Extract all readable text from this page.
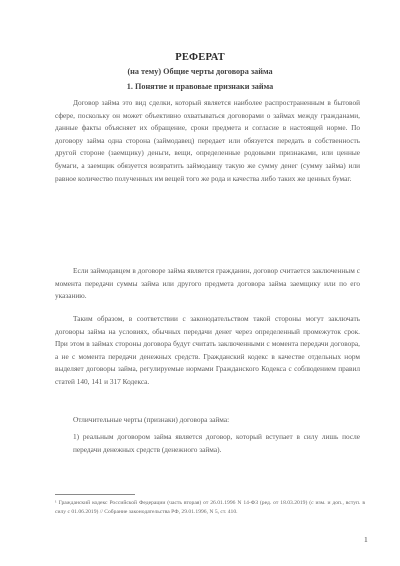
РЕФЕРАТ
(на тему) Общие черты договора займа
1. Понятие и правовые признаки займа

Договор займа это вид сделки, который является наиболее распространенным в бытовой сфере, поскольку он может объективно охватываться договорами о займах между гражданами, данные факты объясняет их обращение, сроки предмета и согласие в настоящей норме. По договору займа одна сторона (займодавец) передает или обязуется передать в собственность другой стороне (заемщику) деньги, вещи, определенные родовыми признаками, или ценные бумаги, а заемщик обязуется возвратить займодавцу такую же сумму денег (сумму займа) или равное количество полученных им вещей того же рода и качества либо таких же ценных бумаг.

Если займодавцем в договоре займа является гражданин, договор считается заключенным с момента передачи суммы займа или другого предмета договора займа заемщику или по его указанию.

Таким образом, в соответствии с законодательством такой стороны могут заключать договоры займа на условиях, обычных передачи денег через определенный промежуток срок. При этом в займах стороны договора будут считать заключенными с момента передачи договора, а не с момента передачи денежных средств. Гражданский кодекс в качестве отдельных норм выделяет договоры займа, регулируемые нормами Гражданского Кодекса с соблюдением правил статей 140, 141 и 317 Кодекса.

Отличительные черты (признаки) договора займа:

1) реальным договором займа является договор, который вступает в силу лишь после передачи денежных средств (денежного займа).

¹ Гражданский кодекс Российской Федерации (часть вторая) от 26.01.1996 N 14-ФЗ (ред. от 18.03.2019) (с изм. и доп., вступ. в силу с 01.06.2019) // Собрание законодательства РФ, 29.01.1996, N 5, ст. 410.
1
